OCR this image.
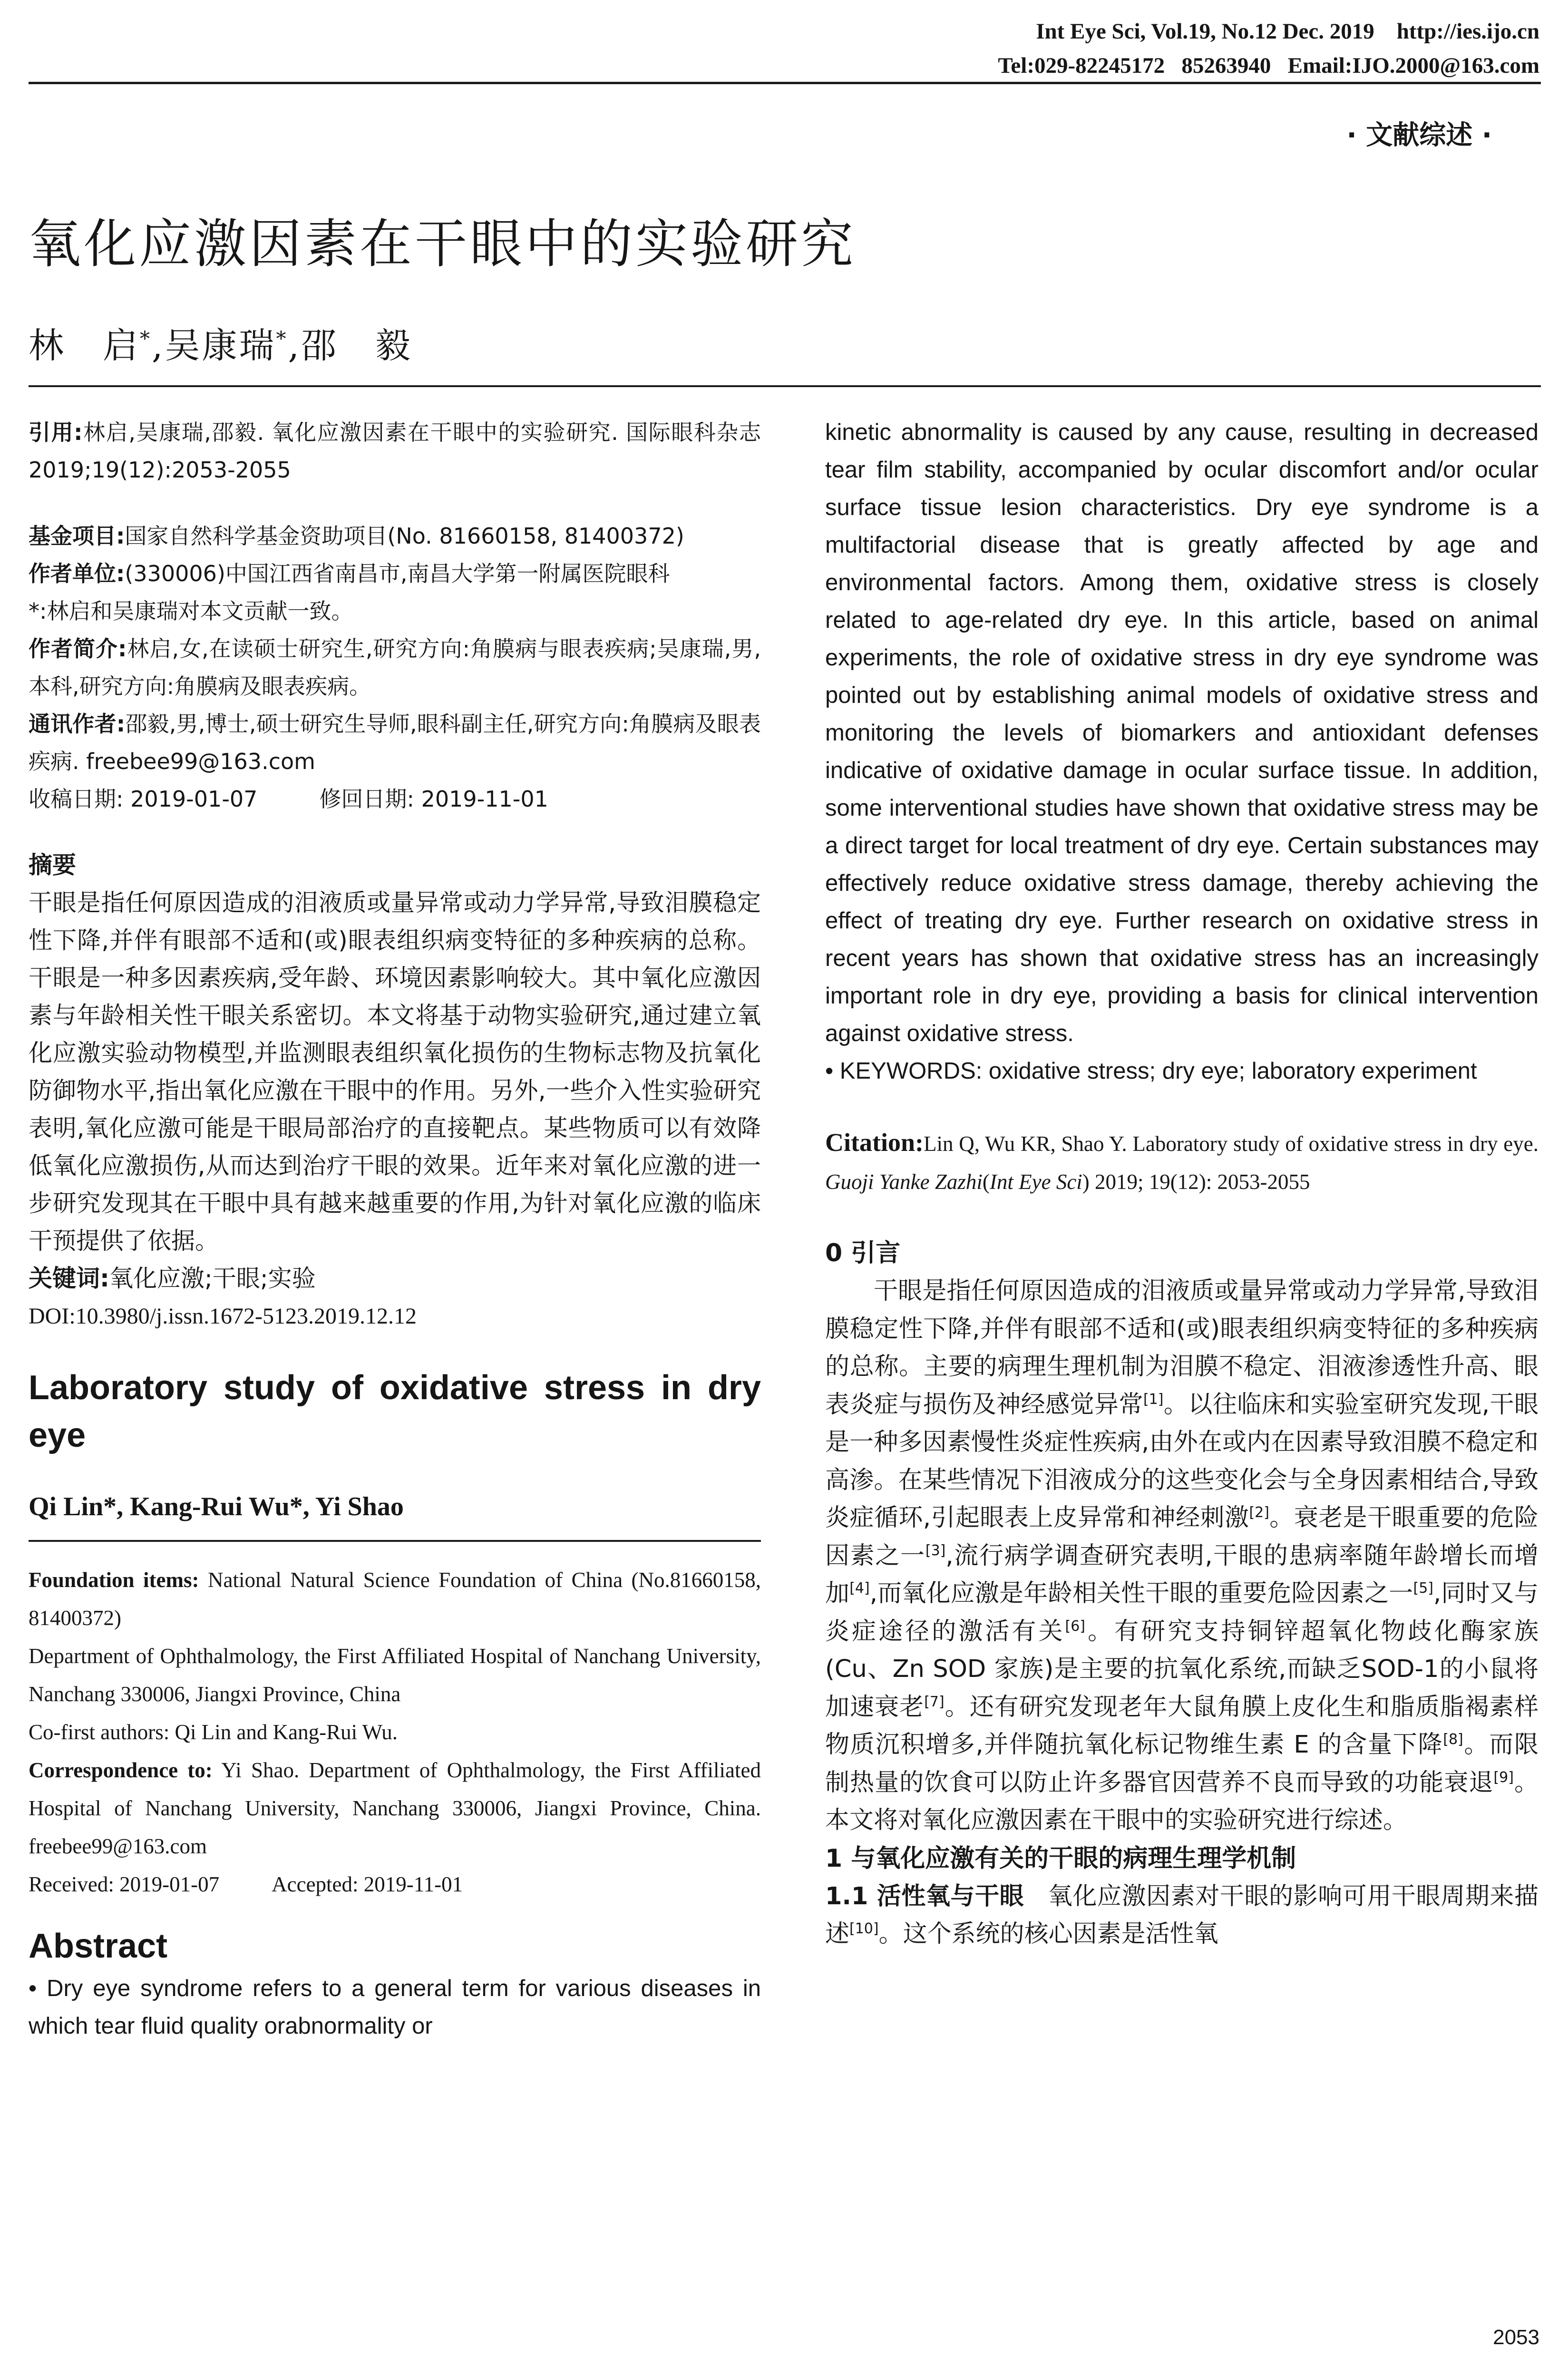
Int Eye Sci, Vol.19, No.12 Dec. 2019    http://ies.ijo.cn
Tel:029-82245172   85263940   Email:IJO.2000@163.com
· 文献综述 ·
氧化应激因素在干眼中的实验研究
林　启*,吴康瑞*,邵　毅

引用:林启,吴康瑞,邵毅. 氧化应激因素在干眼中的实验研究. 国际眼科杂志 2019;19(12):2053-2055

基金项目:国家自然科学基金资助项目(No. 81660158, 81400372)

作者单位:(330006)中国江西省南昌市,南昌大学第一附属医院眼科

*:林启和吴康瑞对本文贡献一致。

作者简介:林启,女,在读硕士研究生,研究方向:角膜病与眼表疾病;吴康瑞,男,本科,研究方向:角膜病及眼表疾病。

通讯作者:邵毅,男,博士,硕士研究生导师,眼科副主任,研究方向:角膜病及眼表疾病. freebee99@163.com

收稿日期: 2019-01-07	修回日期: 2019-11-01

摘要

干眼是指任何原因造成的泪液质或量异常或动力学异常,导致泪膜稳定性下降,并伴有眼部不适和(或)眼表组织病变特征的多种疾病的总称。干眼是一种多因素疾病,受年龄、环境因素影响较大。其中氧化应激因素与年龄相关性干眼关系密切。本文将基于动物实验研究,通过建立氧化应激实验动物模型,并监测眼表组织氧化损伤的生物标志物及抗氧化防御物水平,指出氧化应激在干眼中的作用。另外,一些介入性实验研究表明,氧化应激可能是干眼局部治疗的直接靶点。某些物质可以有效降低氧化应激损伤,从而达到治疗干眼的效果。近年来对氧化应激的进一步研究发现其在干眼中具有越来越重要的作用,为针对氧化应激的临床干预提供了依据。

关键词:氧化应激;干眼;实验

DOI:10.3980/j.issn.1672-5123.2019.12.12

Laboratory study of oxidative stress in dry eye

Qi Lin*, Kang-Rui Wu*, Yi Shao

Foundation items: National Natural Science Foundation of China (No.81660158, 81400372)

Department of Ophthalmology, the First Affiliated Hospital of Nanchang University, Nanchang 330006, Jiangxi Province, China

Co-first authors: Qi Lin and Kang-Rui Wu.

Correspondence to: Yi Shao. Department of Ophthalmology, the First Affiliated Hospital of Nanchang University, Nanchang 330006, Jiangxi Province, China. freebee99@163.com

Received: 2019-01-07 Accepted: 2019-11-01

Abstract

• Dry eye syndrome refers to a general term for various diseases in which tear fluid quality orabnormality or

kinetic abnormality is caused by any cause, resulting in decreased tear film stability, accompanied by ocular discomfort and/or ocular surface tissue lesion characteristics. Dry eye syndrome is a multifactorial disease that is greatly affected by age and environmental factors. Among them, oxidative stress is closely related to age-related dry eye. In this article, based on animal experiments, the role of oxidative stress in dry eye syndrome was pointed out by establishing animal models of oxidative stress and monitoring the levels of biomarkers and antioxidant defenses indicative of oxidative damage in ocular surface tissue. In addition, some interventional studies have shown that oxidative stress may be a direct target for local treatment of dry eye. Certain substances may effectively reduce oxidative stress damage, thereby achieving the effect of treating dry eye. Further research on oxidative stress in recent years has shown that oxidative stress has an increasingly important role in dry eye, providing a basis for clinical intervention against oxidative stress.

• KEYWORDS: oxidative stress; dry eye; laboratory experiment

Citation:Lin Q, Wu KR, Shao Y. Laboratory study of oxidative stress in dry eye. Guoji Yanke Zazhi(Int Eye Sci) 2019; 19(12): 2053-2055

0 引言

干眼是指任何原因造成的泪液质或量异常或动力学异常,导致泪膜稳定性下降,并伴有眼部不适和(或)眼表组织病变特征的多种疾病的总称。主要的病理生理机制为泪膜不稳定、泪液渗透性升高、眼表炎症与损伤及神经感觉异常[1]。以往临床和实验室研究发现,干眼是一种多因素慢性炎症性疾病,由外在或内在因素导致泪膜不稳定和高渗。在某些情况下泪液成分的这些变化会与全身因素相结合,导致炎症循环,引起眼表上皮异常和神经刺激[2]。衰老是干眼重要的危险因素之一[3],流行病学调查研究表明,干眼的患病率随年龄增长而增加[4],而氧化应激是年龄相关性干眼的重要危险因素之一[5],同时又与炎症途径的激活有关[6]。有研究支持铜锌超氧化物歧化酶家族(Cu、Zn SOD 家族)是主要的抗氧化系统,而缺乏SOD-1的小鼠将加速衰老[7]。还有研究发现老年大鼠角膜上皮化生和脂质脂褐素样物质沉积增多,并伴随抗氧化标记物维生素 E 的含量下降[8]。而限制热量的饮食可以防止许多器官因营养不良而导致的功能衰退[9]。本文将对氧化应激因素在干眼中的实验研究进行综述。

1 与氧化应激有关的干眼的病理生理学机制

1.1 活性氧与干眼 氧化应激因素对干眼的影响可用干眼周期来描述[10]。这个系统的核心因素是活性氧

2053
